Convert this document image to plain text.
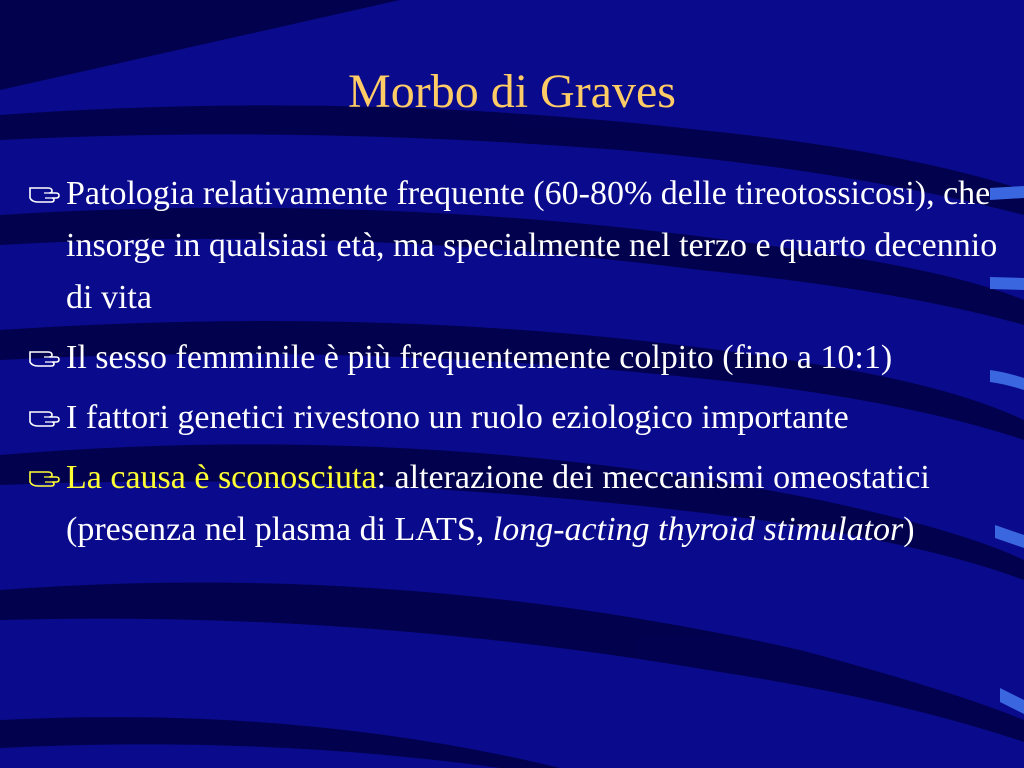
Morbo di Graves
Patologia relativamente frequente (60-80% delle tireotossicosi), che insorge in qualsiasi età, ma specialmente nel terzo e quarto decennio di vita
Il sesso femminile è più frequentemente colpito (fino a 10:1)
I fattori genetici rivestono un ruolo eziologico importante
La causa è sconosciuta: alterazione dei meccanismi omeostatici (presenza nel plasma di LATS, long-acting thyroid stimulator)
